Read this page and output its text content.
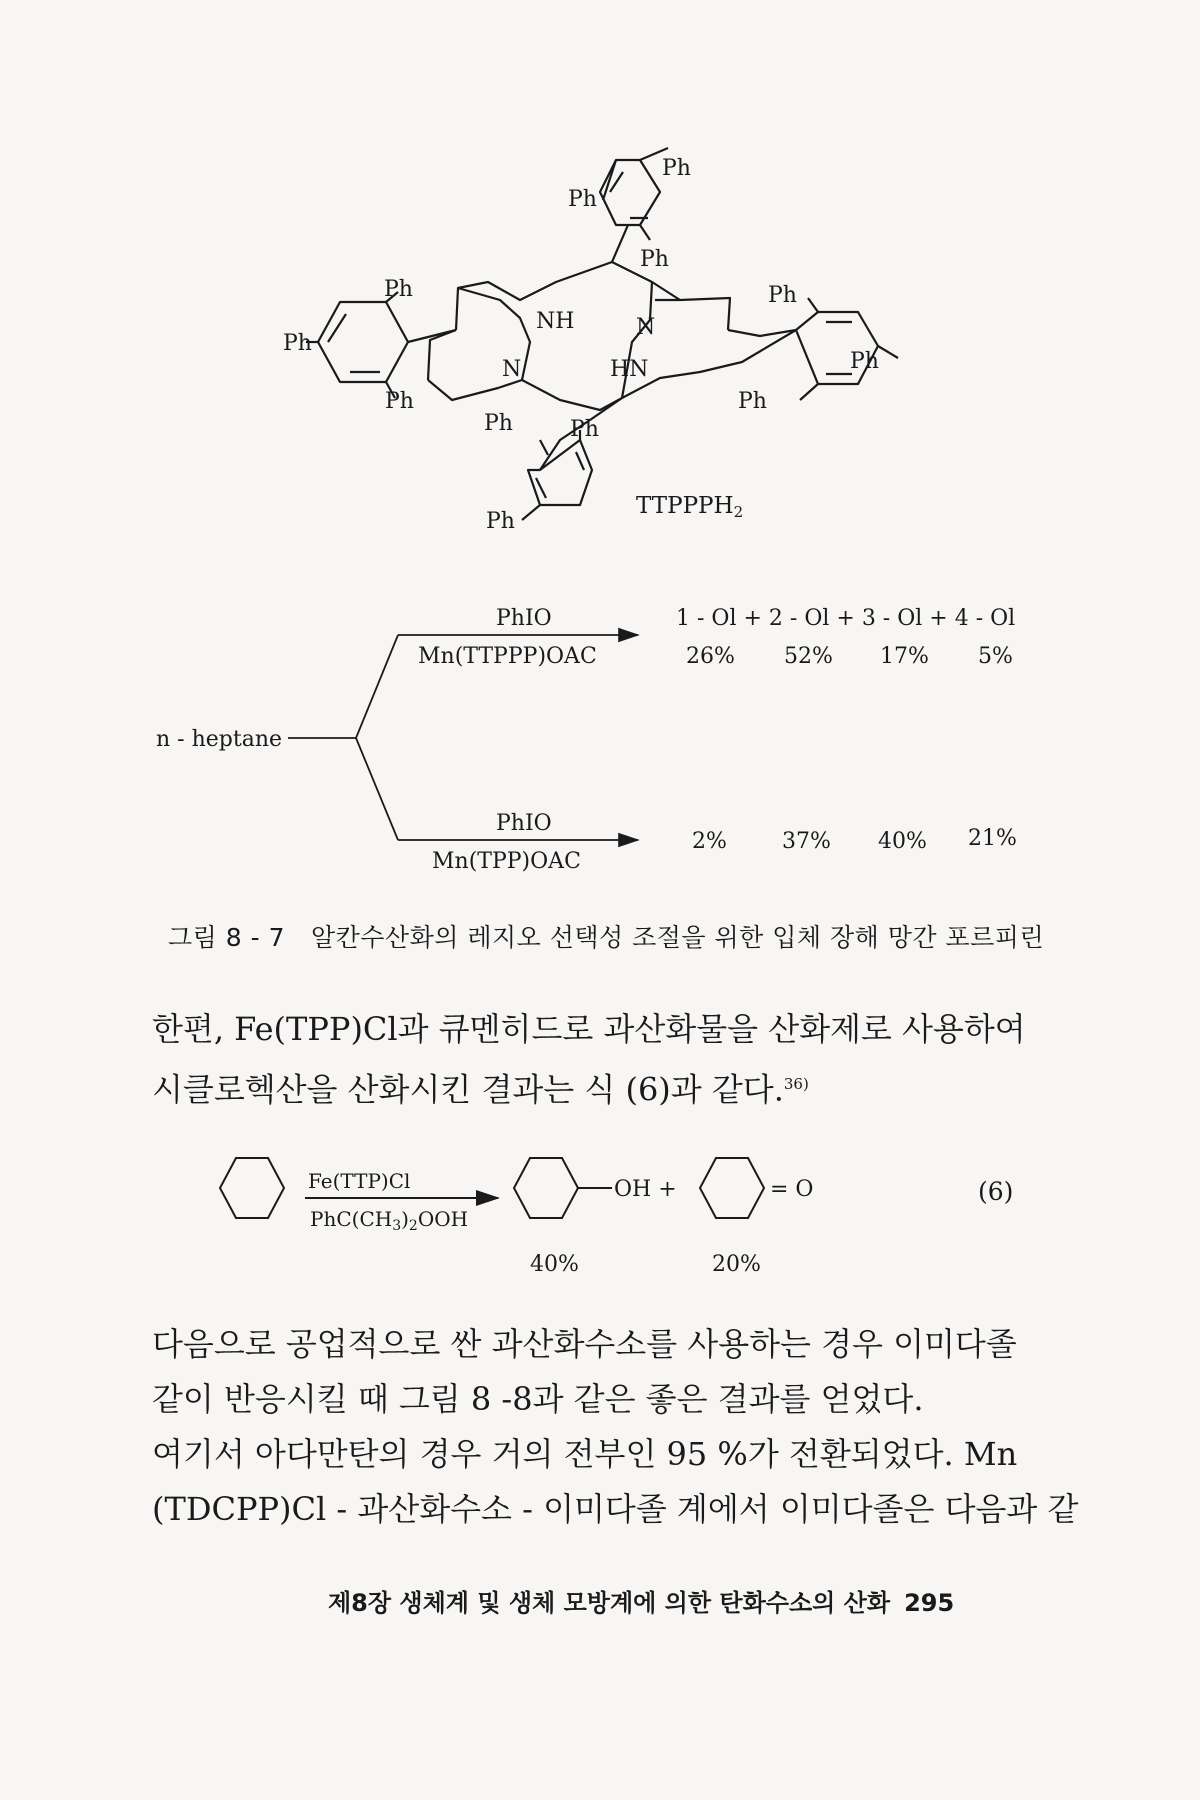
Ph
Ph
Ph
Ph
Ph
Ph
Ph
Ph
Ph
Ph	Ph
Ph
NH	N
N	HN
TTPPPH2
n - heptane
PhIO
Mn(TTPPP)OAC
1 - Ol + 2 - Ol + 3 - Ol + 4 - Ol
26% 52% 17% 5%
PhIO
Mn(TPP)OAC
2%	37% 40% 21%
그림 8 - 7 알칸수산화의 레지오 선택성 조절을 위한 입체 장해 망간 포르피린
한편, Fe(TPP)Cl과 큐멘히드로 과산화물을 산화제로 사용하여
시클로헥산을 산화시킨 결과는 식 (6)과 같다.$^{36)}$
Fe(TTP)Cl
$PhC(CH_3)_2OOH$
OH +	= O	(6)
40%	20%
다음으로 공업적으로 싼 과산화수소를 사용하는 경우 이미다졸
같이 반응시킬 때 그림 8 -8과 같은 좋은 결과를 얻었다.
여기서 아다만탄의 경우 거의 전부인 95 %가 전환되었다. Mn
(TDCPP)Cl - 과산화수소 - 이미다졸 계에서 이미다졸은 다음과 같
제8장 생체계 및 생체 모방계에 의한 탄화수소의 산화 295
